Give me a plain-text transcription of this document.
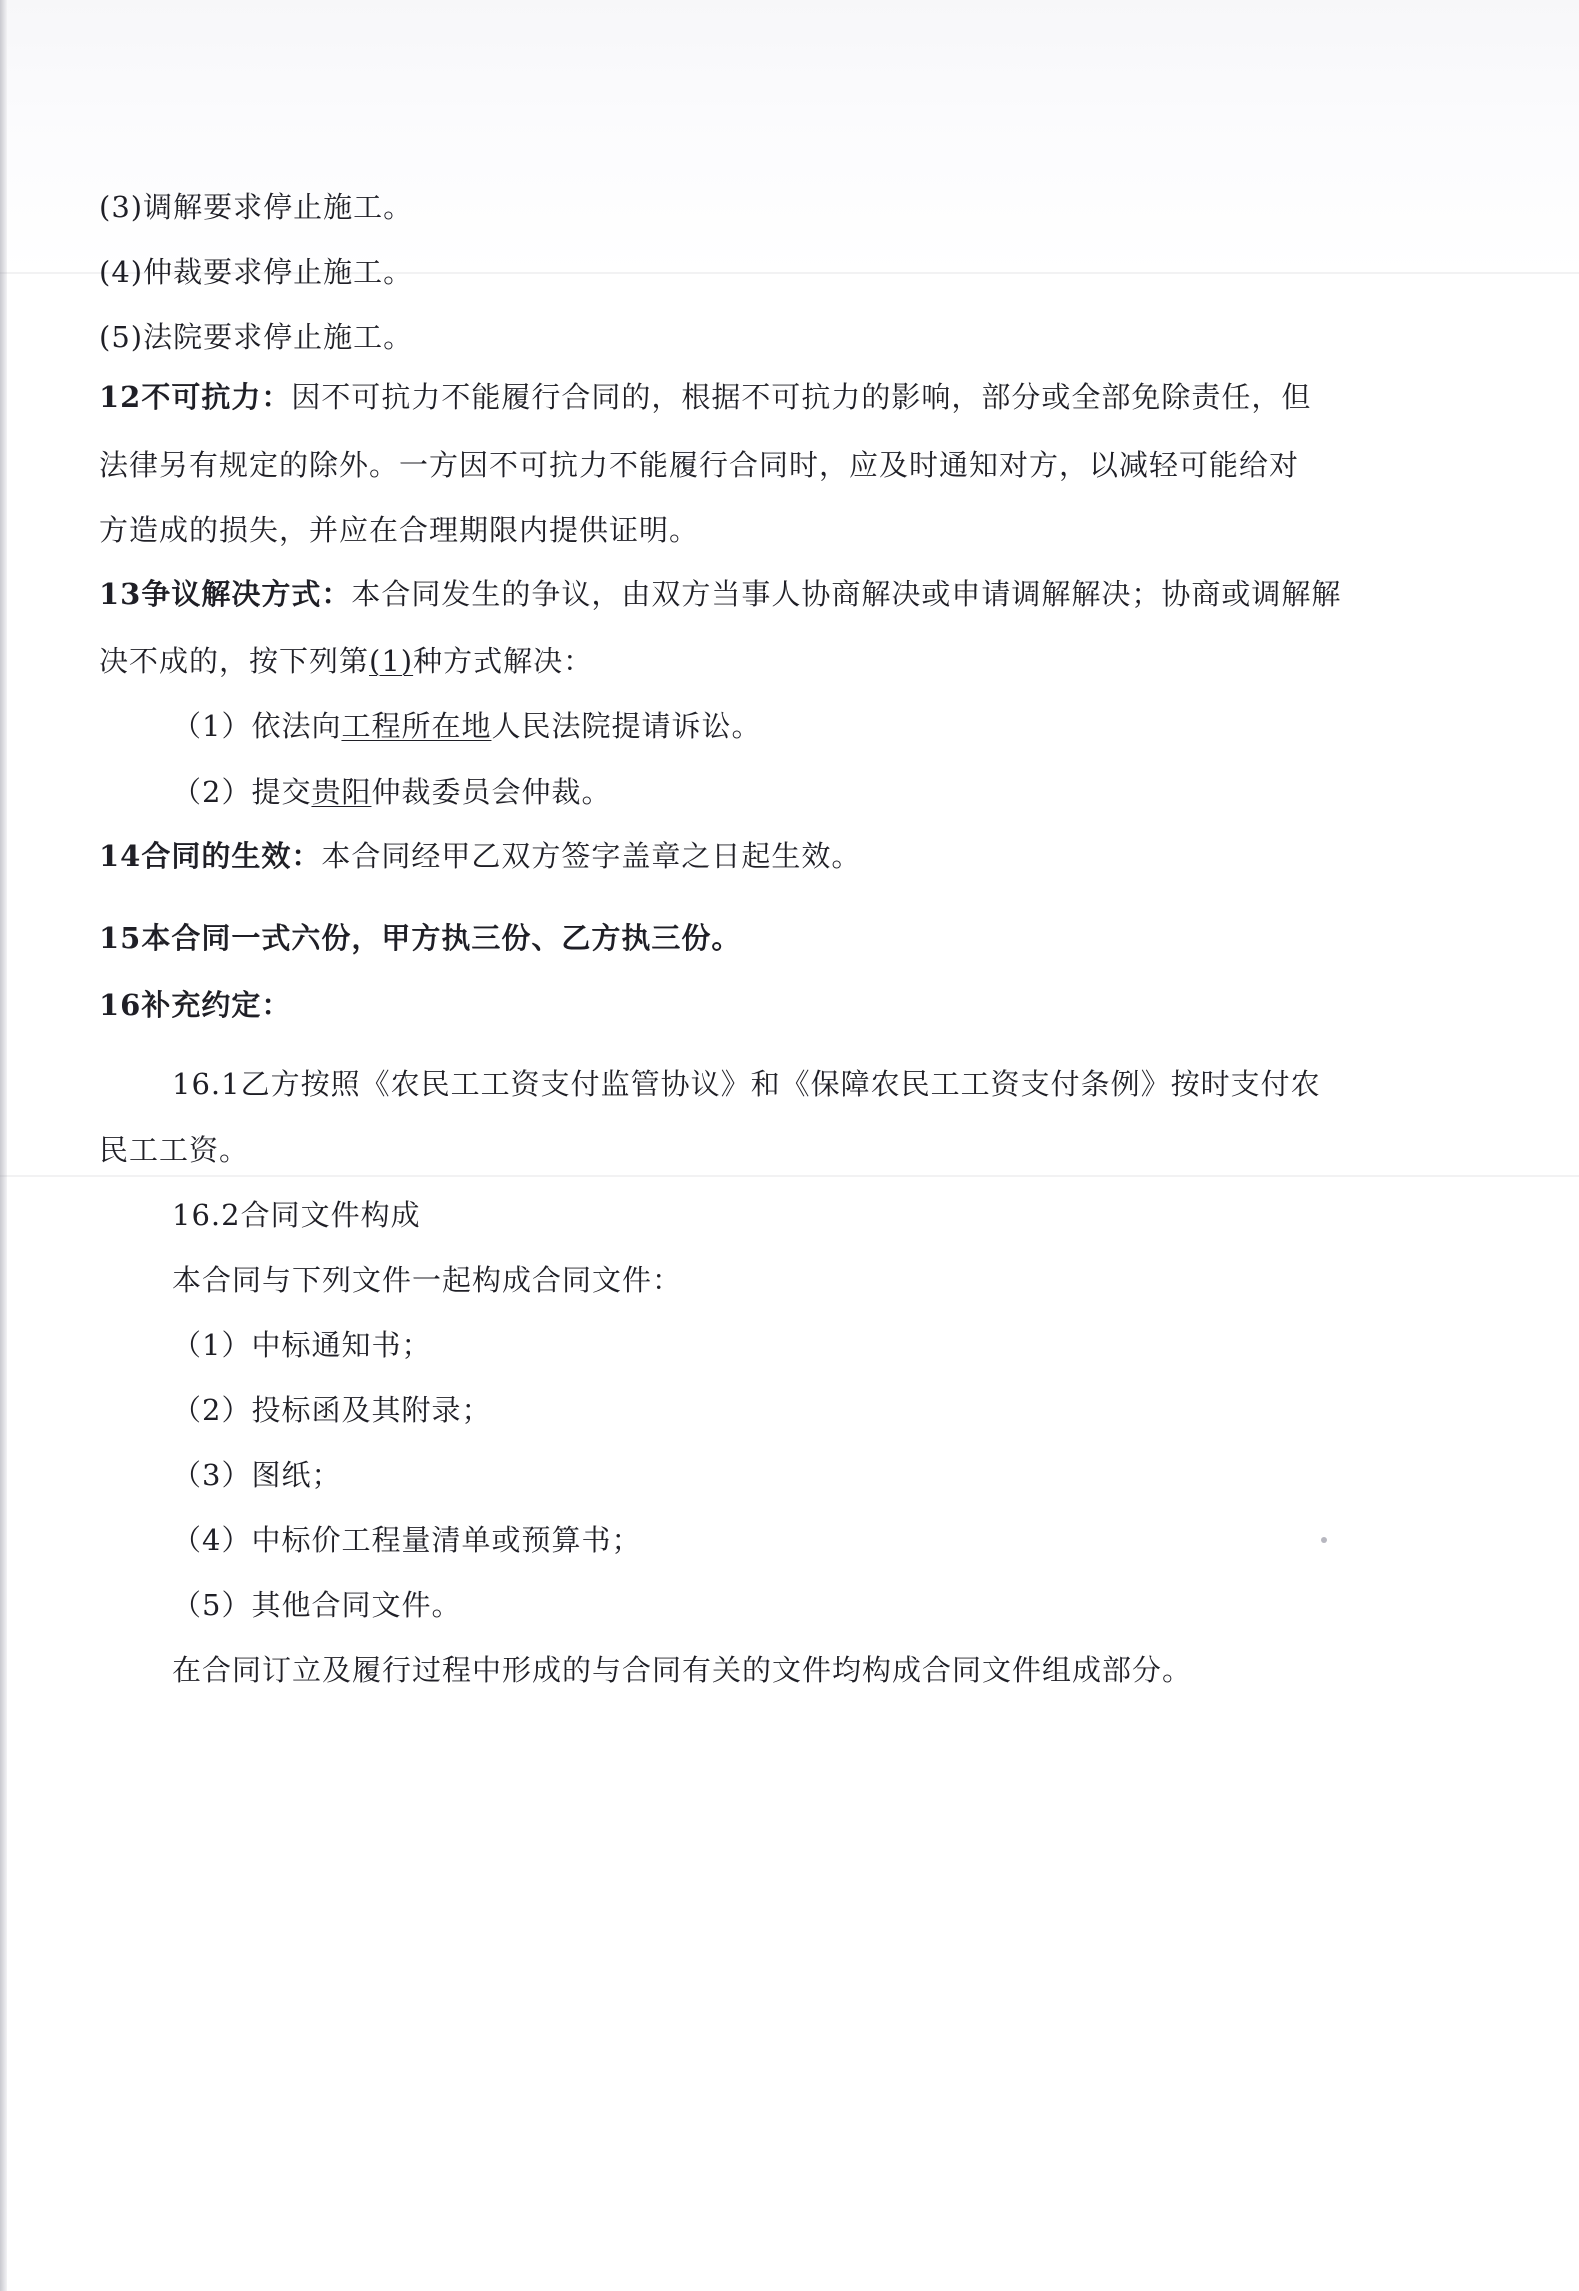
(3)调解要求停止施工。
(4)仲裁要求停止施工。
(5)法院要求停止施工。
12不可抗力：因不可抗力不能履行合同的，根据不可抗力的影响，部分或全部免除责任，但
法律另有规定的除外。一方因不可抗力不能履行合同时，应及时通知对方，以减轻可能给对
方造成的损失，并应在合理期限内提供证明。
13争议解决方式：本合同发生的争议，由双方当事人协商解决或申请调解解决；协商或调解解
决不成的，按下列第(1)种方式解决：
（1）依法向工程所在地人民法院提请诉讼。
（2）提交贵阳仲裁委员会仲裁。
14合同的生效：本合同经甲乙双方签字盖章之日起生效。
15本合同一式六份，甲方执三份、乙方执三份。
16补充约定：
16.1乙方按照《农民工工资支付监管协议》和《保障农民工工资支付条例》按时支付农
民工工资。
16.2合同文件构成
本合同与下列文件一起构成合同文件：
（1）中标通知书；
（2）投标函及其附录；
（3）图纸；
（4）中标价工程量清单或预算书；
（5）其他合同文件。
在合同订立及履行过程中形成的与合同有关的文件均构成合同文件组成部分。
